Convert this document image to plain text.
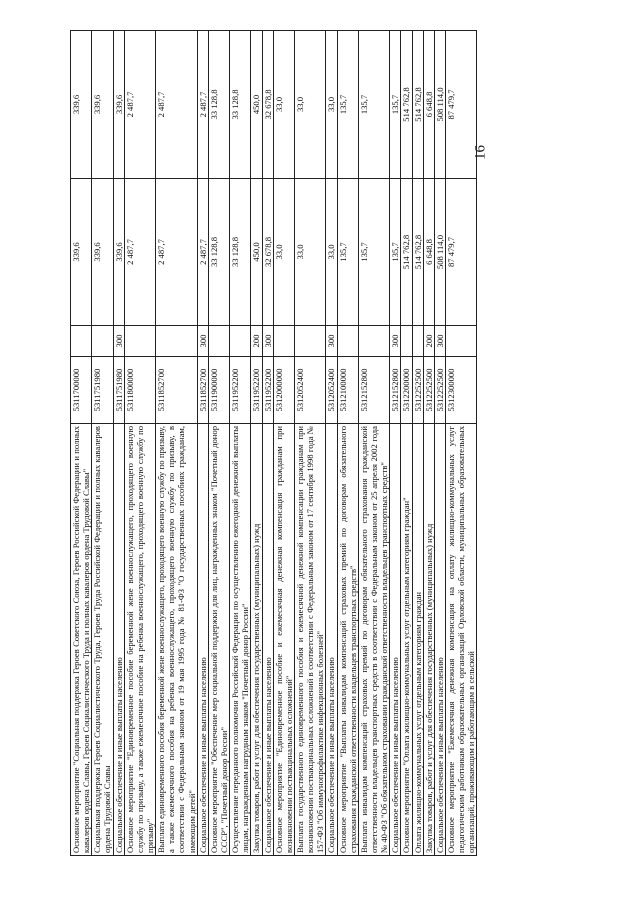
16
Основное мероприятие "Социальная поддержка Героев Советского Союза, Героев Российской Федерации и полных кавалеров ордена Славы, Героев Социалистического Труда и полных кавалеров ордена Трудовой Славы"	5311700000		339,6	339,6
Социальная поддержка Героев Социалистического Труда, Героев Труда Российской Федерации и полных кавалеров ордена Трудовой Славы	5311751980		339,6	339,6
Социальное обеспечение и иные выплаты населению	5311751980	300	339,6	339,6
Основное мероприятие "Единовременное пособие беременной жене военнослужащего, проходящего военную службу по призыву, а также ежемесячное пособие на ребенка военнослужащего, проходящего военную службу по призыву"	5311800000		2 487,7	2 487,7
Выплата единовременного пособия беременной жене военнослужащего, проходящего военную службу по призыву, а также ежемесячного пособия на ребенка военнослужащего, проходящего военную службу по призыву, в соответствии с Федеральным законом от 19 мая 1995 года № 81-ФЗ "О государственных пособиях гражданам, имеющим детей"	5311852700		2 487,7	2 487,7
Социальное обеспечение и иные выплаты населению	5311852700	300	2 487,7	2 487,7
Основное мероприятие "Обеспечение мер социальной поддержки для лиц, награжденных знаком "Почетный донор СССР", "Почетный донор России"	5311900000		33 128,8	33 128,8
Осуществление переданного полномочия Российской Федерации по осуществлению ежегодной денежной выплаты лицам, награжденным нагрудным знаком "Почетный донор России"	5311952200		33 128,8	33 128,8
Закупка товаров, работ и услуг для обеспечения государственных (муниципальных) нужд	5311952200	200	450,0	450,0
Социальное обеспечение и иные выплаты населению	5311952200	300	32 678,8	32 678,8
Основное мероприятие "Единовременное пособие и ежемесячная денежная компенсация гражданам при возникновении поствакцинальных осложнений"	5312000000		33,0	33,0
Выплата государственного единовременного пособия и ежемесячной денежной компенсации гражданам при возникновении поствакцинальных осложнений в соответствии с Федеральным законом от 17 сентября 1998 года № 157-ФЗ "Об иммунопрофилактике инфекционных болезней"	5312052400		33,0	33,0
Социальное обеспечение и иные выплаты населению	5312052400	300	33,0	33,0
Основное мероприятие "Выплаты инвалидам компенсаций страховых премий по договорам обязательного страхования гражданской ответственности владельцев транспортных средств"	5312100000		135,7	135,7
Выплата инвалидам компенсаций страховых премий по договорам обязательного страхования гражданской ответственности владельцев транспортных средств в соответствии с Федеральным законом от 25 апреля 2002 года № 40-ФЗ "Об обязательном страховании гражданской ответственности владельцев транспортных средств"	5312152800		135,7	135,7
Социальное обеспечение и иные выплаты населению	5312152800	300	135,7	135,7
Основное мероприятие "Оплата жилищно-коммунальных услуг отдельным категориям граждан"	5312200000		514 762,8	514 762,8
Оплата жилищно-коммунальных услуг отдельным категориям граждан	5312252500		514 762,8	514 762,8
Закупка товаров, работ и услуг для обеспечения государственных (муниципальных) нужд	5312252500	200	6 648,8	6 648,8
Социальное обеспечение и иные выплаты населению	5312252500	300	508 114,0	508 114,0
Основное мероприятие "Ежемесячная денежная компенсация на оплату жилищно-коммунальных услуг педагогическим работникам образовательных организаций Орловской области, муниципальных образовательных организаций, проживающим и работающим в сельской	5312300000		87 479,7	87 479,7
